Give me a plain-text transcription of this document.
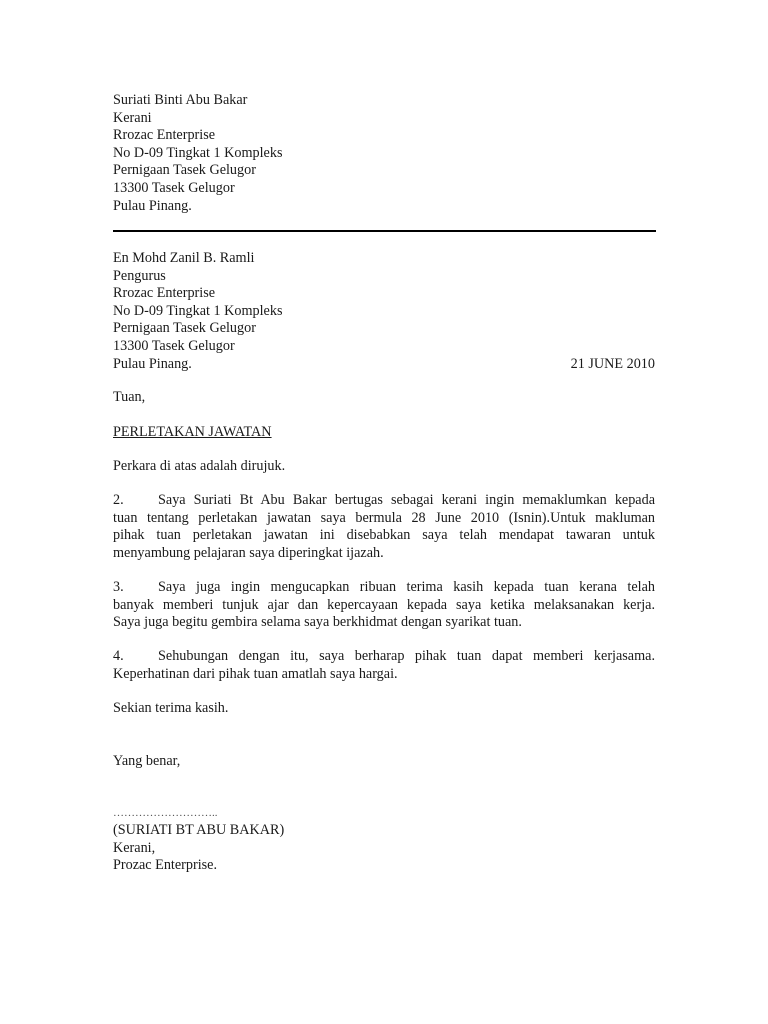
Suriati Binti Abu Bakar
Kerani
Rrozac Enterprise
No D-09 Tingkat 1 Kompleks
Pernigaan Tasek Gelugor
13300 Tasek Gelugor
Pulau Pinang.
En Mohd Zanil B. Ramli
Pengurus
Rrozac Enterprise
No D-09 Tingkat 1 Kompleks
Pernigaan Tasek Gelugor
13300 Tasek Gelugor
Pulau Pinang.	21 JUNE 2010
Tuan,
PERLETAKAN JAWATAN
Perkara di atas adalah dirujuk.

2. Saya Suriati Bt Abu Bakar bertugas sebagai kerani ingin memaklumkan kepada

tuan tentang perletakan jawatan saya bermula 28 June 2010 (Isnin).Untuk makluman

pihak tuan perletakan jawatan ini disebabkan saya telah mendapat tawaran untuk

menyambung pelajaran saya diperingkat ijazah.

3. Saya juga ingin mengucapkan ribuan terima kasih kepada tuan kerana telah

banyak memberi tunjuk ajar dan kepercayaan kepada saya ketika melaksanakan kerja.

Saya juga begitu gembira selama saya berkhidmat dengan syarikat tuan.

4. Sehubungan dengan itu, saya berharap pihak tuan dapat memberi kerjasama.

Keperhatinan dari pihak tuan amatlah saya hargai.

Sekian terima kasih.
Yang benar,
………………………..
(SURIATI BT ABU BAKAR)
Kerani,
Prozac Enterprise.
